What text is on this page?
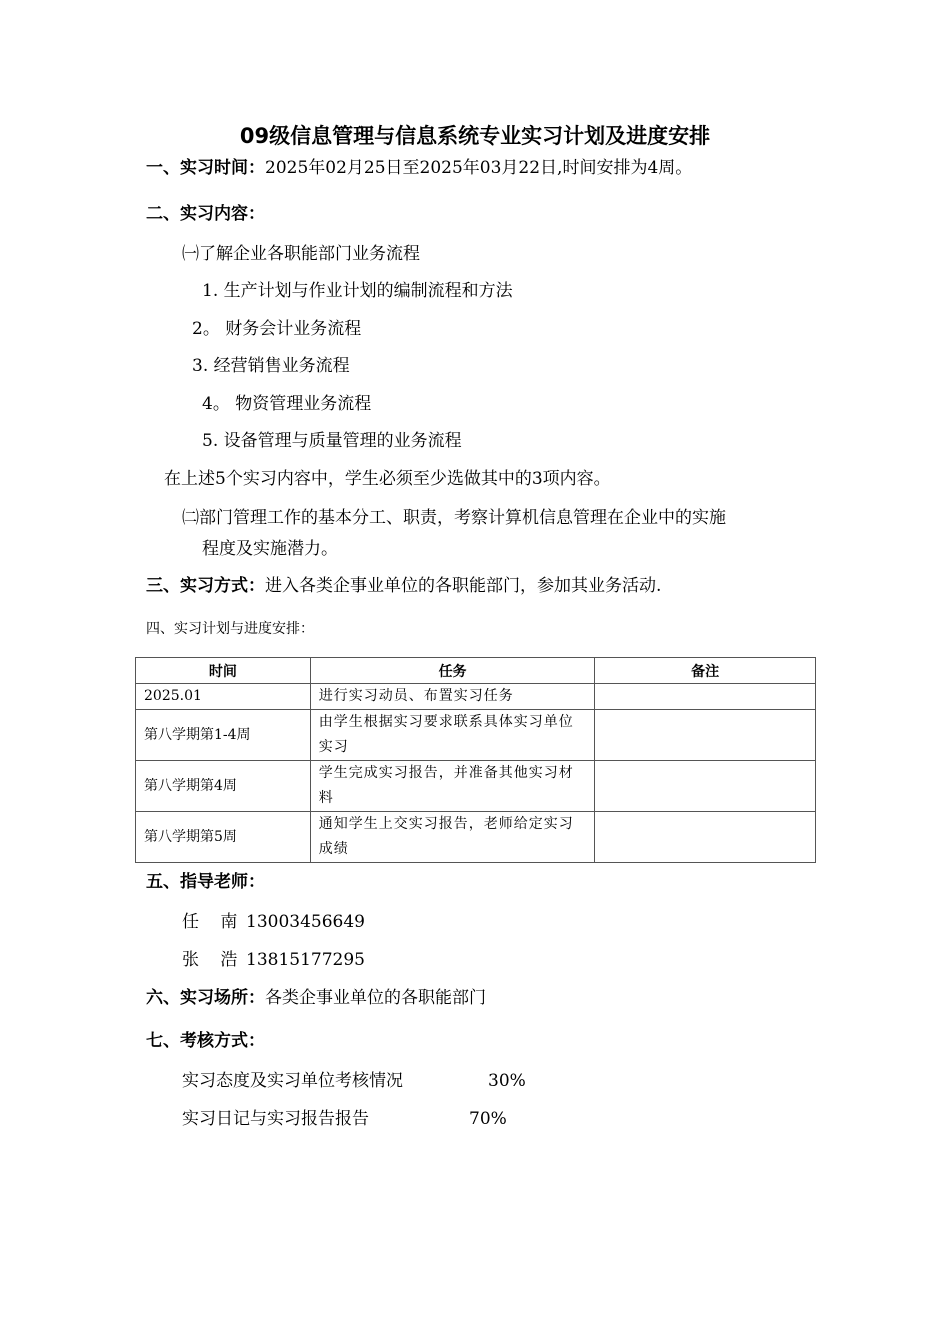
09级信息管理与信息系统专业实习计划及进度安排
一、实习时间：2025年02月25日至2025年03月22日,时间安排为4周。
二、实习内容：
㈠了解企业各职能部门业务流程
1. 生产计划与作业计划的编制流程和方法
2。 财务会计业务流程
3. 经营销售业务流程
4。 物资管理业务流程
5. 设备管理与质量管理的业务流程
在上述5个实习内容中，学生必须至少选做其中的3项内容。
㈡部门管理工作的基本分工、职责，考察计算机信息管理在企业中的实施
程度及实施潜力。
三、实习方式：进入各类企事业单位的各职能部门，参加其业务活动.
四、实习计划与进度安排：
时间	任务	备注
2025.01	进行实习动员、布置实习任务	
第八学期第1-4周	由学生根据实习要求联系具体实习单位实习	
第八学期第4周	学生完成实习报告，并准备其他实习材料	
第八学期第5周	通知学生上交实习报告，老师给定实习成绩	
五、指导老师：
任 南13003456649
张 浩13815177295
六、实习场所：各类企事业单位的各职能部门
七、考核方式：
实习态度及实习单位考核情况	30%
实习日记与实习报告报告	70%
